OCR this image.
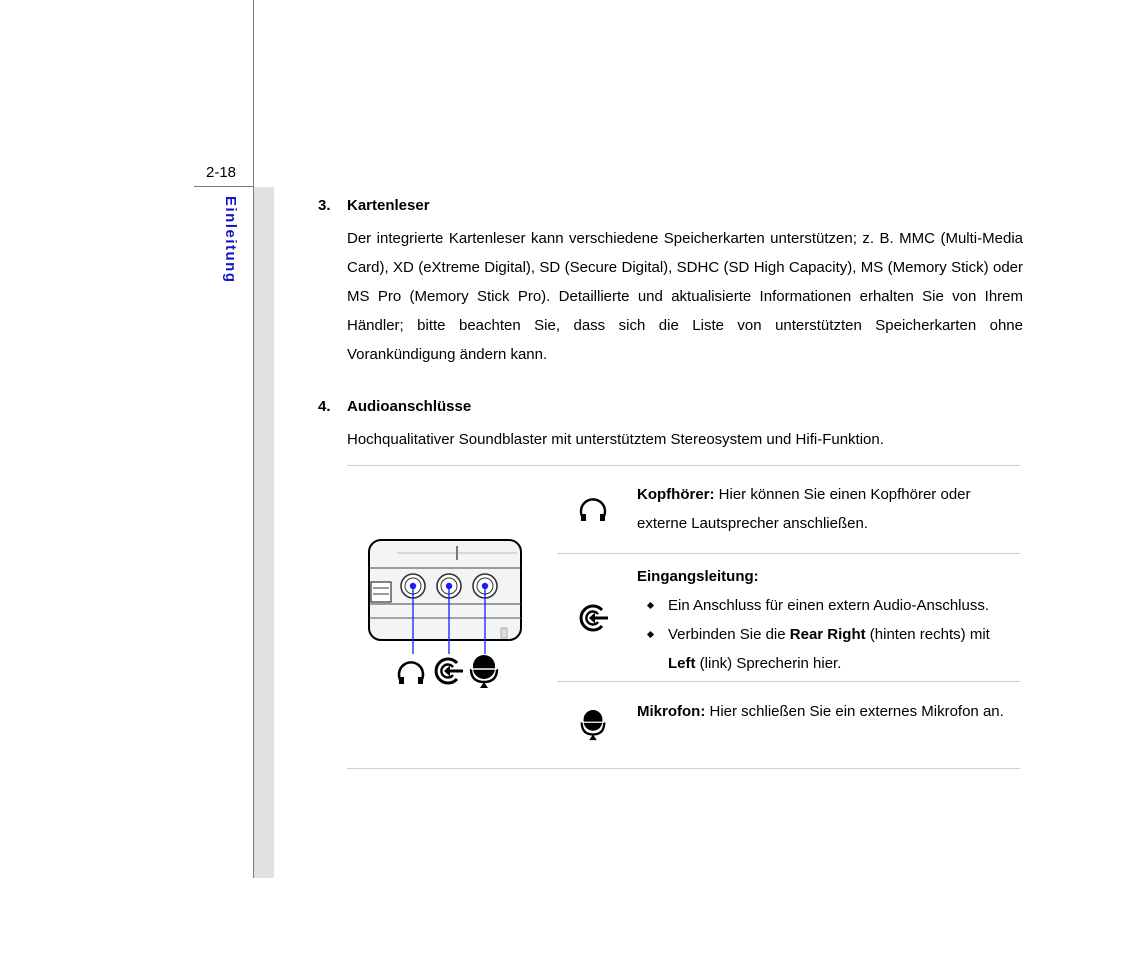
2-18
Einleitung	3. Kartenleser
Der integrierte Kartenleser kann verschiedene Speicherkarten unterstützen; z. B. MMC (Multi-Media Card), XD (eXtreme Digital), SD (Secure Digital), SDHC (SD High Capacity), MS (Memory Stick) oder MS Pro (Memory Stick Pro). Detaillierte und aktualisierte Informationen erhalten Sie von Ihrem Händler; bitte beachten Sie, dass sich die Liste von unterstützten Speicherkarten ohne Vorankündigung ändern kann.
4. Audioanschlüsse
Hochqualitativer Soundblaster mit unterstütztem Stereosystem und Hifi-Funktion.
Kopfhörer: Hier können Sie einen Kopfhörer oder externe Lautsprecher anschließen.
Eingangsleitung:
Ein Anschluss für einen extern Audio-Anschluss.
Verbinden Sie die Rear Right (hinten rechts) mit Left (link) Sprecherin hier.
Mikrofon: Hier schließen Sie ein externes Mikrofon an.
